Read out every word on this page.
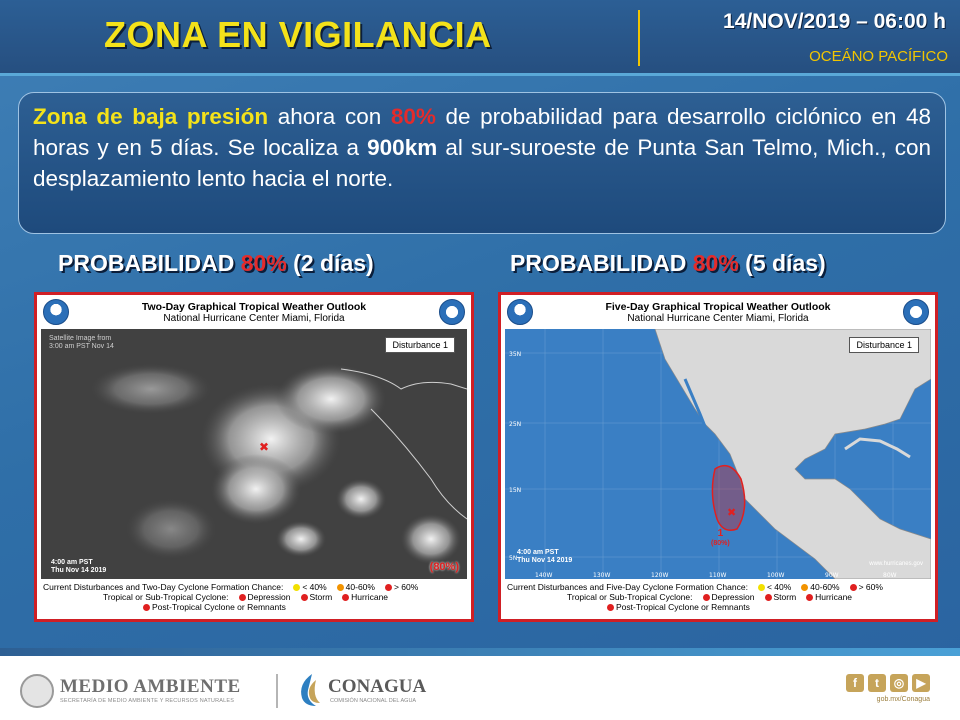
ZONA EN VIGILANCIA	14/NOV/2019 – 06:00 h
OCEÁNO PACÍFICO
Zona de baja presión ahora con 80% de probabilidad para desarrollo ciclónico en 48 horas y en 5 días. Se localiza a 900km al sur-suroeste de Punta San Telmo, Mich., con desplazamiento lento hacia el norte.
PROBABILIDAD 80% (2 días)	PROBABILIDAD 80% (5 días)
Two-Day Graphical Tropical Weather Outlook
National Hurricane Center Miami, Florida
✖
Satellite Image from
3:00 am PST Nov 14	Disturbance 1
4:00 am PST
Thu Nov 14 2019	(80%)
Current Disturbances and Two-Day Cyclone Formation Chance:	< 40%	40-60%	> 60%
Tropical or Sub-Tropical Cyclone:	Depression	Storm	Hurricane
Post-Tropical Cyclone or Remnants
Five-Day Graphical Tropical Weather Outlook
National Hurricane Center Miami, Florida
✖
35N
25N
15N
5N
140W	130W	120W	110W	100W	90W	80W
Disturbance 1
1
(80%)
4:00 am PST
Thu Nov 14 2019	www.hurricanes.gov
Current Disturbances and Five-Day Cyclone Formation Chance:	< 40%	40-60%	> 60%
Tropical or Sub-Tropical Cyclone:	Depression	Storm	Hurricane
Post-Tropical Cyclone or Remnants
MEDIO AMBIENTE
SECRETARÍA DE MEDIO AMBIENTE Y RECURSOS NATURALES
CONAGUA
COMISIÓN NACIONAL DEL AGUA
f	t	◎	▶
gob.mx/Conagua
